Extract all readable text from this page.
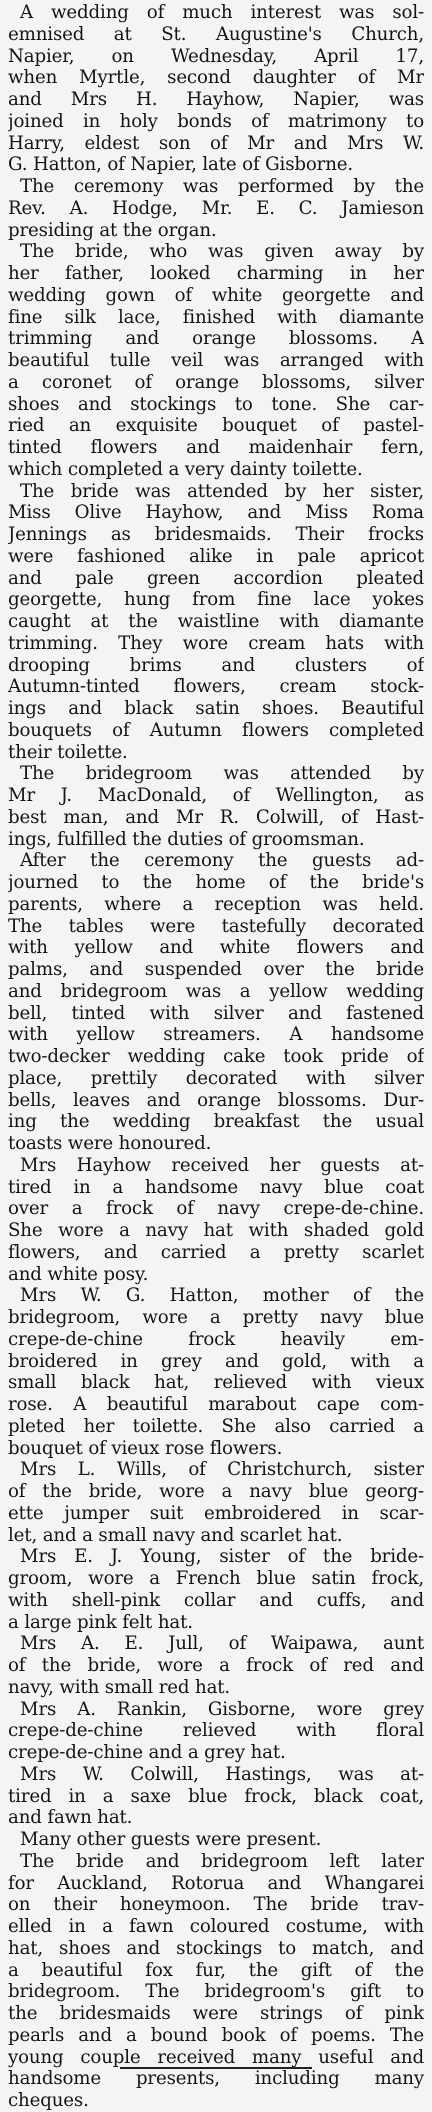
A wedding of much interest was sol-
emnised at St. Augustine's Church,
Napier, on Wednesday, April 17,
when Myrtle, second daughter of Mr
and Mrs H. Hayhow, Napier, was
joined in holy bonds of matrimony to
Harry, eldest son of Mr and Mrs W.
G. Hatton, of Napier, late of Gisborne.
The ceremony was performed by the
Rev. A. Hodge, Mr. E. C. Jamieson
presiding at the organ.
The bride, who was given away by
her father, looked charming in her
wedding gown of white georgette and
fine silk lace, finished with diamante
trimming and orange blossoms. A
beautiful tulle veil was arranged with
a coronet of orange blossoms, silver
shoes and stockings to tone. She car-
ried an exquisite bouquet of pastel-
tinted flowers and maidenhair fern,
which completed a very dainty toilette.
The bride was attended by her sister,
Miss Olive Hayhow, and Miss Roma
Jennings as bridesmaids. Their frocks
were fashioned alike in pale apricot
and pale green accordion pleated
georgette, hung from fine lace yokes
caught at the waistline with diamante
trimming. They wore cream hats with
drooping brims and clusters of
Autumn-tinted flowers, cream stock-
ings and black satin shoes. Beautiful
bouquets of Autumn flowers completed
their toilette.
The bridegroom was attended by
Mr J. MacDonald, of Wellington, as
best man, and Mr R. Colwill, of Hast-
ings, fulfilled the duties of groomsman.
After the ceremony the guests ad-
journed to the home of the bride's
parents, where a reception was held.
The tables were tastefully decorated
with yellow and white flowers and
palms, and suspended over the bride
and bridegroom was a yellow wedding
bell, tinted with silver and fastened
with yellow streamers. A handsome
two-decker wedding cake took pride of
place, prettily decorated with silver
bells, leaves and orange blossoms. Dur-
ing the wedding breakfast the usual
toasts were honoured.
Mrs Hayhow received her guests at-
tired in a handsome navy blue coat
over a frock of navy crepe-de-chine.
She wore a navy hat with shaded gold
flowers, and carried a pretty scarlet
and white posy.
Mrs W. G. Hatton, mother of the
bridegroom, wore a pretty navy blue
crepe-de-chine frock heavily em-
broidered in grey and gold, with a
small black hat, relieved with vieux
rose. A beautiful marabout cape com-
pleted her toilette. She also carried a
bouquet of vieux rose flowers.
Mrs L. Wills, of Christchurch, sister
of the bride, wore a navy blue georg-
ette jumper suit embroidered in scar-
let, and a small navy and scarlet hat.
Mrs E. J. Young, sister of the bride-
groom, wore a French blue satin frock,
with shell-pink collar and cuffs, and
a large pink felt hat.
Mrs A. E. Jull, of Waipawa, aunt
of the bride, wore a frock of red and
navy, with small red hat.
Mrs A. Rankin, Gisborne, wore grey
crepe-de-chine relieved with floral
crepe-de-chine and a grey hat.
Mrs W. Colwill, Hastings, was at-
tired in a saxe blue frock, black coat,
and fawn hat.
Many other guests were present.
The bride and bridegroom left later
for Auckland, Rotorua and Whangarei
on their honeymoon. The bride trav-
elled in a fawn coloured costume, with
hat, shoes and stockings to match, and
a beautiful fox fur, the gift of the
bridegroom. The bridegroom's gift to
the bridesmaids were strings of pink
pearls and a bound book of poems. The
young couple received many useful and
handsome presents, including many
cheques.
